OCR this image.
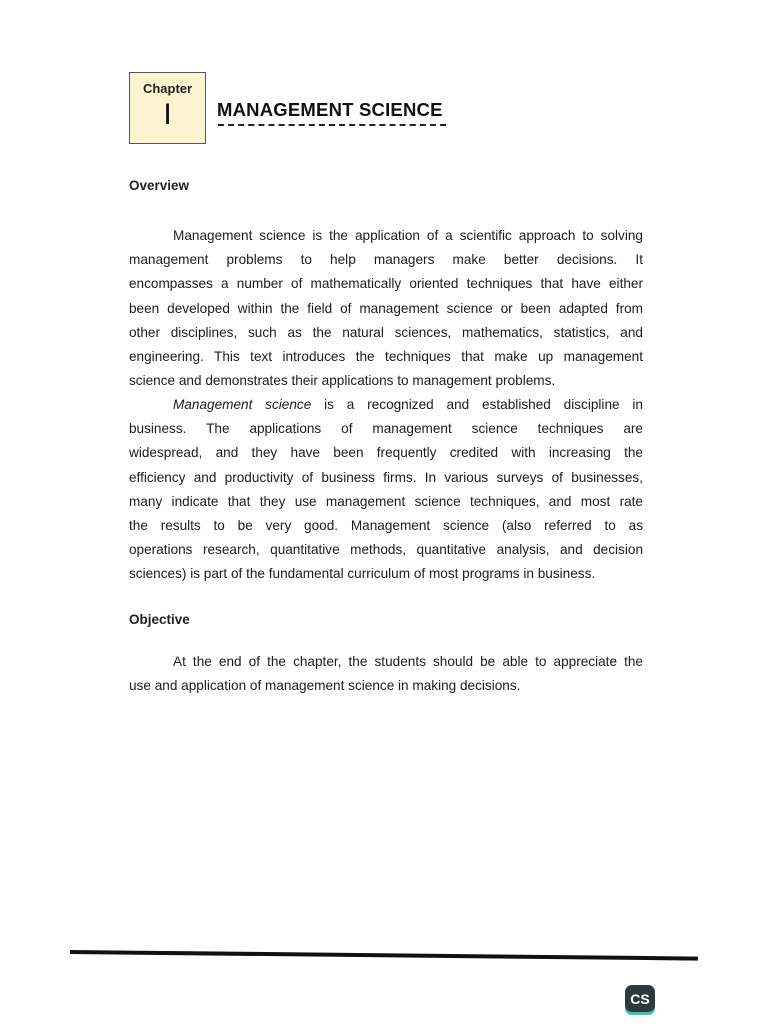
Chapter
I	MANAGEMENT SCIENCE
Overview

Management science is the application of a scientific approach to solving
management problems to help managers make better decisions. It
encompasses a number of mathematically oriented techniques that have either
been developed within the field of management science or been adapted from
other disciplines, such as the natural sciences, mathematics, statistics, and
engineering. This text introduces the techniques that make up management
science and demonstrates their applications to management problems.

Management science is a recognized and established discipline in
business. The applications of management science techniques are
widespread, and they have been frequently credited with increasing the
efficiency and productivity of business firms. In various surveys of businesses,
many indicate that they use management science techniques, and most rate
the results to be very good. Management science (also referred to as
operations research, quantitative methods, quantitative analysis, and decision
sciences) is part of the fundamental curriculum of most programs in business.

Objective

At the end of the chapter, the students should be able to appreciate the
use and application of management science in making decisions.

CS
